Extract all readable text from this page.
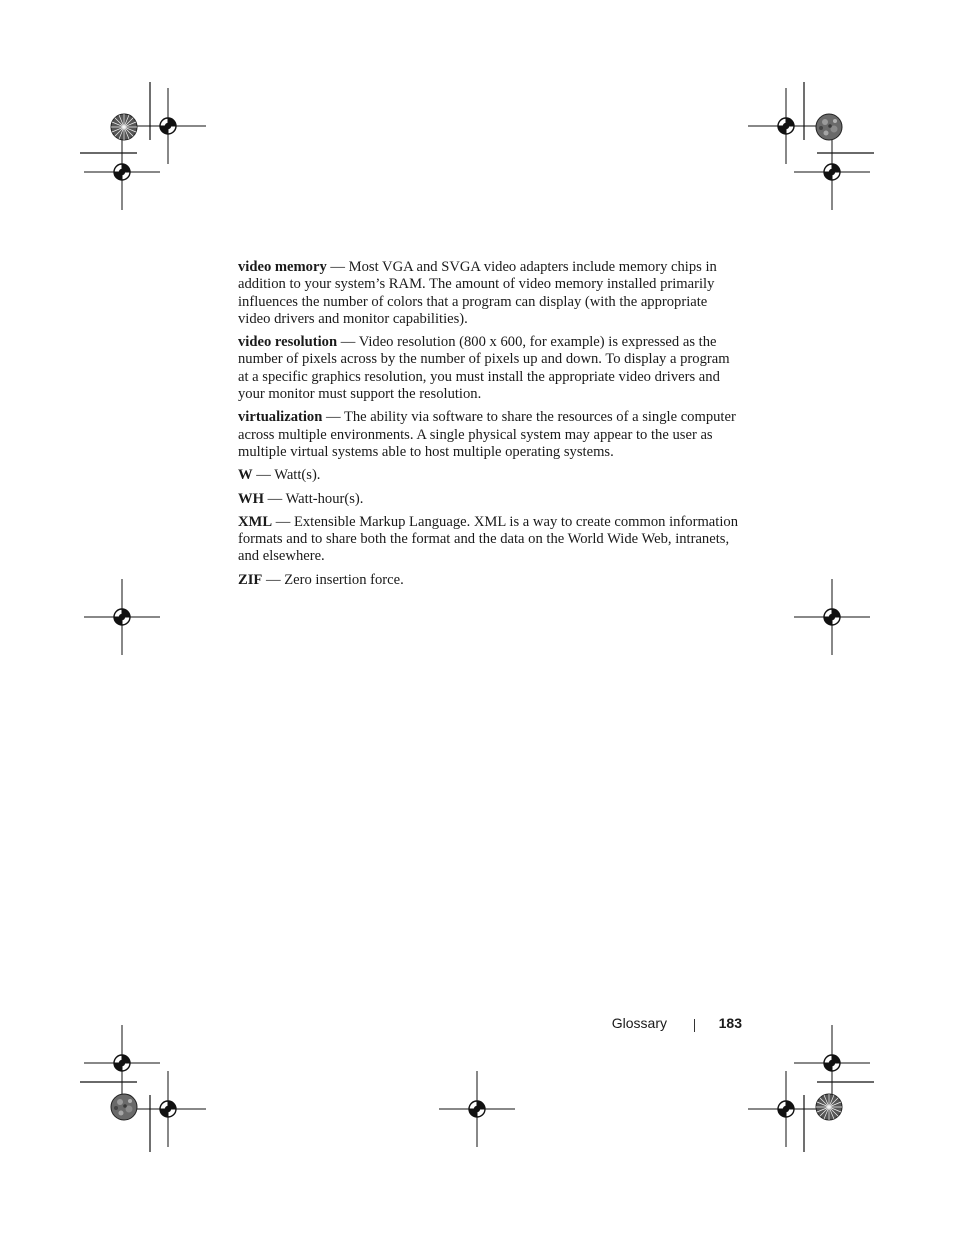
video memory — Most VGA and SVGA video adapters include memory chips in addition to your system’s RAM. The amount of video memory installed primarily influences the number of colors that a program can display (with the appropriate video drivers and monitor capabilities).

video resolution — Video resolution (800 x 600, for example) is expressed as the number of pixels across by the number of pixels up and down. To display a program at a specific graphics resolution, you must install the appropriate video drivers and your monitor must support the resolution.

virtualization — The ability via software to share the resources of a single computer across multiple environments. A single physical system may appear to the user as multiple virtual systems able to host multiple operating systems.

W — Watt(s).

WH — Watt-hour(s).

XML — Extensible Markup Language. XML is a way to create common information formats and to share both the format and the data on the World Wide Web, intranets, and elsewhere.

ZIF — Zero insertion force.

Glossary	183
